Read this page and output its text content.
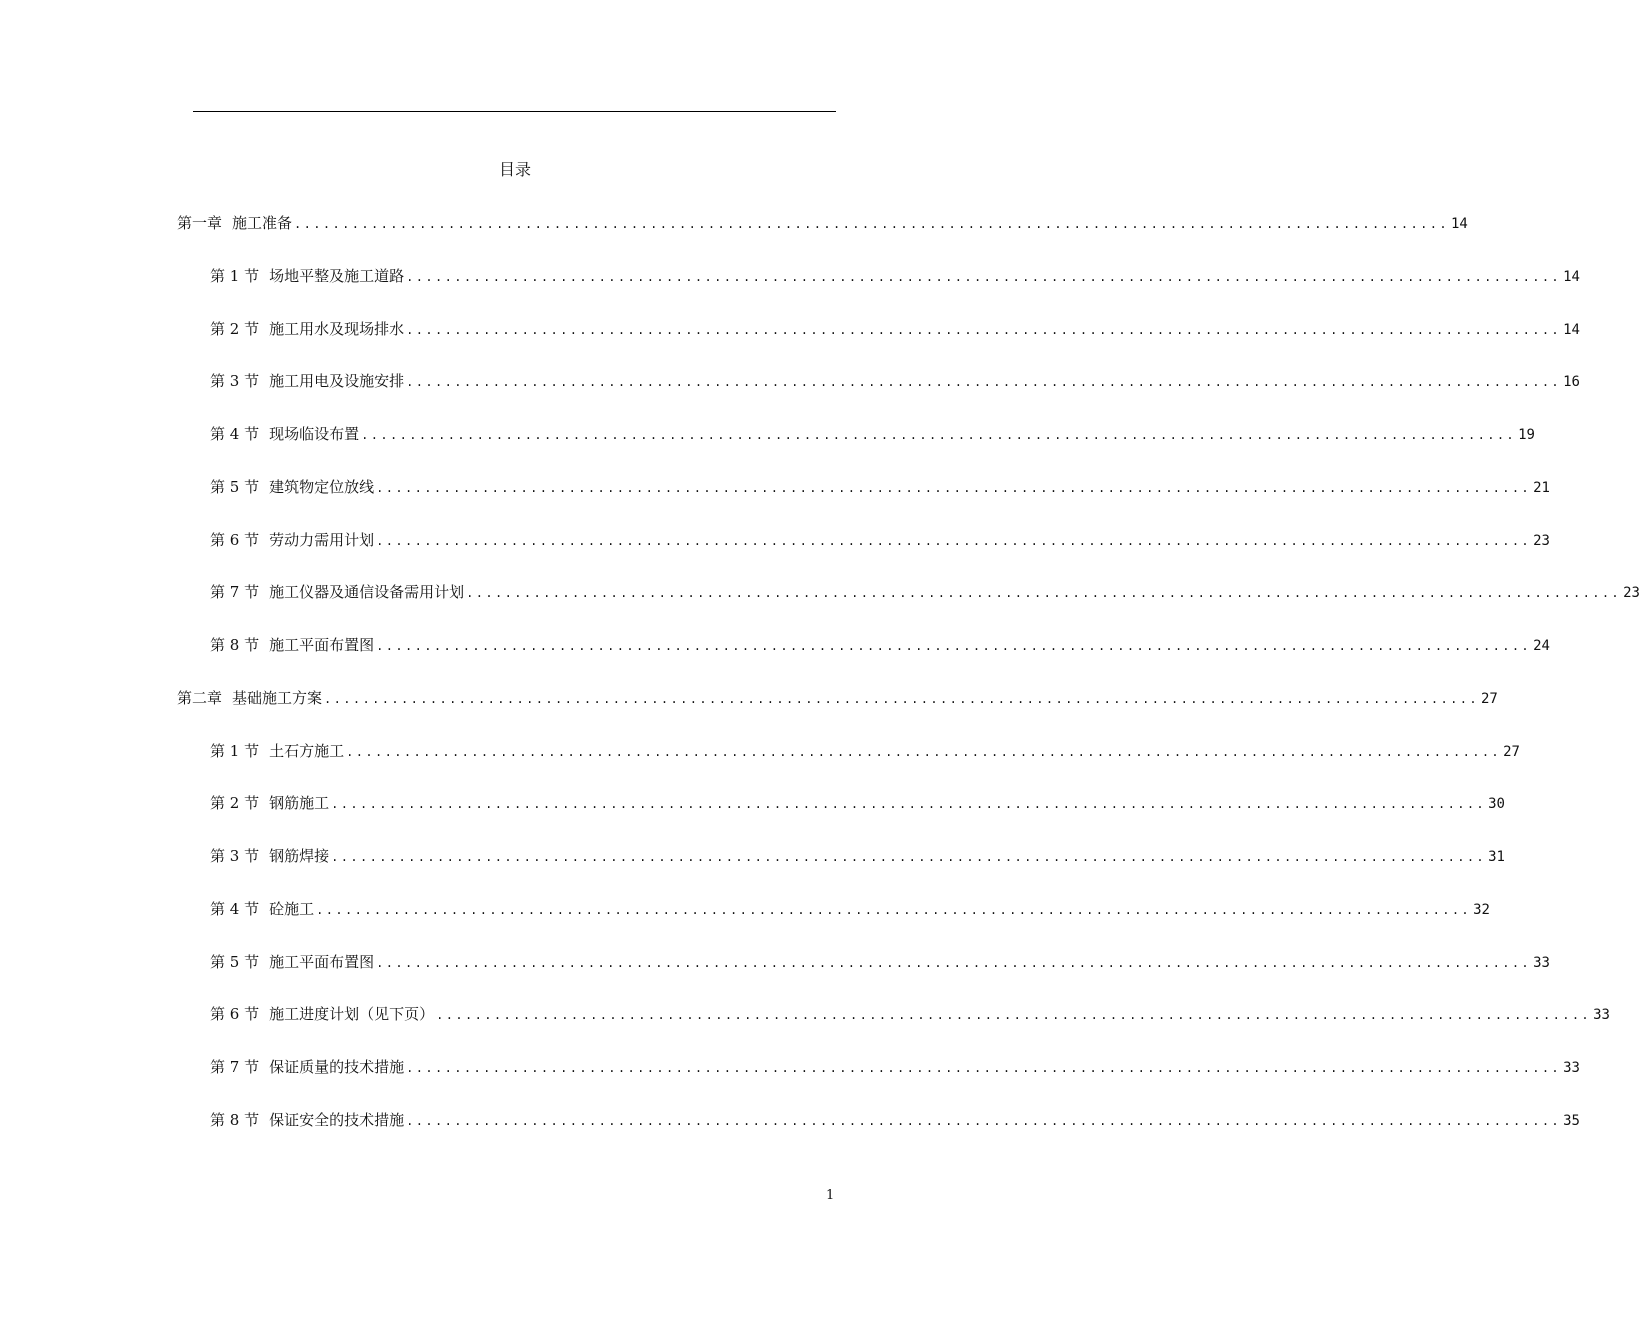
目录
第一章 施工准备 ........................................................................................................................ 14
第 1 节 场地平整及施工道路 ........................................................................................................................ 14
第 2 节 施工用水及现场排水 ........................................................................................................................ 14
第 3 节 施工用电及设施安排 ........................................................................................................................ 16
第 4 节 现场临设布置 ........................................................................................................................ 19
第 5 节 建筑物定位放线 ........................................................................................................................ 21
第 6 节 劳动力需用计划 ........................................................................................................................ 23
第 7 节 施工仪器及通信设备需用计划 ........................................................................................................................ 23
第 8 节 施工平面布置图 ........................................................................................................................ 24
第二章 基础施工方案 ........................................................................................................................ 27
第 1 节 土石方施工 ........................................................................................................................ 27
第 2 节 钢筋施工 ........................................................................................................................ 30
第 3 节 钢筋焊接 ........................................................................................................................ 31
第 4 节 砼施工 ........................................................................................................................ 32
第 5 节 施工平面布置图 ........................................................................................................................ 33
第 6 节 施工进度计划（见下页） ........................................................................................................................ 33
第 7 节 保证质量的技术措施 ........................................................................................................................ 33
第 8 节 保证安全的技术措施 ........................................................................................................................ 35
1
